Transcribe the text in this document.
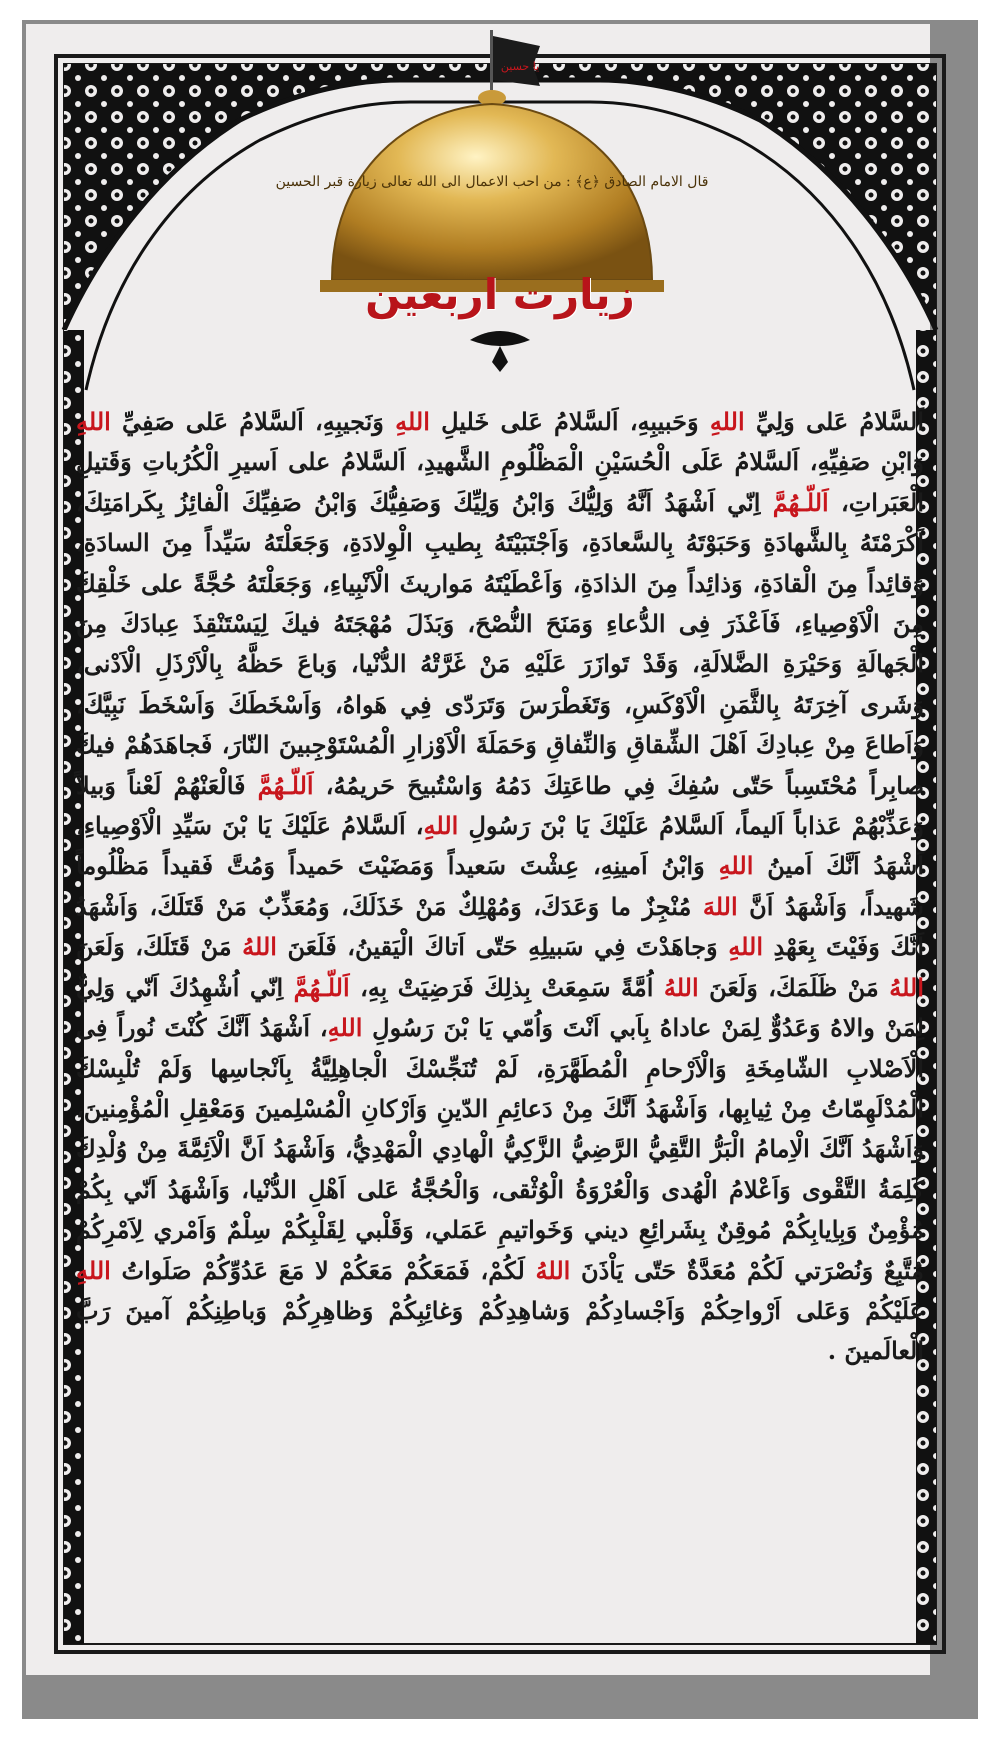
یا حسین
قال الامام الصادق ﴿ع﴾ : من احب الاعمال الی الله تعالی زیارة قبر الحسین
زیارت اربعین
اَلسَّلامُ عَلى وَلِيِّ اللهِ وَحَبيبِهِ، اَلسَّلامُ عَلى خَليلِ اللهِ وَنَجيبِهِ، اَلسَّلامُ عَلى صَفِيِّ اللهِ وَابْنِ صَفِيِّهِ، اَلسَّلامُ عَلَى الْحُسَيْنِ الْمَظْلُومِ الشَّهيدِ، اَلسَّلامُ على اَسيرِ الْكُرُباتِ وَقَتيلِ الْعَبَراتِ، اَللّـهُمَّ اِنّي اَشْهَدُ اَنَّهُ وَلِيُّكَ وَابْنُ وَلِيِّكَ وَصَفِيُّكَ وَابْنُ صَفِيِّكَ الْفائِزُ بِكَرامَتِكَ، اَكْرَمْتَهُ بِالشَّهادَةِ وَحَبَوْتَهُ بِالسَّعادَةِ، وَاَجْتَبَيْتَهُ بِطيبِ الْوِلادَةِ، وَجَعَلْتَهُ سَيِّداً مِنَ السادَةِ، وَقائِداً مِنَ الْقادَةِ، وَذائِداً مِنَ الذادَةِ، وَاَعْطَيْتَهُ مَواريثَ الْاَنْبِياءِ، وَجَعَلْتَهُ حُجَّةً على خَلْقِكَ مِنَ الْاَوْصِياءِ، فَاَعْذَرَ فِى الدُّعاءِ وَمَنَحَ النُّصْحَ، وَبَذَلَ مُهْجَتَهُ فيكَ لِيَسْتَنْقِذَ عِبادَكَ مِنَ الْجَهالَةِ وَحَيْرَةِ الضَّلالَةِ، وَقَدْ تَوازَرَ عَلَيْهِ مَنْ غَرَّتْهُ الدُّنْيا، وَباعَ حَظَّهُ بِالْاَرْذَلِ الْاَدْنى، وَشَرى آخِرَتَهُ بِالثَّمَنِ الْاَوْكَسِ، وَتَغَطْرَسَ وَتَرَدّى فِي هَواهُ، وَاَسْخَطَكَ وَاَسْخَطَ نَبِيَّكَ، وَاَطاعَ مِنْ عِبادِكَ اَهْلَ الشِّقاقِ وَالنِّفاقِ وَحَمَلَةَ الْاَوْزارِ الْمُسْتَوْجِبينَ النّارَ، فَجاهَدَهُمْ فيكَ صابِراً مُحْتَسِباً حَتّى سُفِكَ فِي طاعَتِكَ دَمُهُ وَاسْتُبيحَ حَريمُهُ، اَللّـهُمَّ فَالْعَنْهُمْ لَعْناً وَبيلاً وَعَذِّبْهُمْ عَذاباً اَليماً، اَلسَّلامُ عَلَيْكَ يَا بْنَ رَسُولِ اللهِ، اَلسَّلامُ عَلَيْكَ يَا بْنَ سَيِّدِ الْاَوْصِياءِ، اَشْهَدُ اَنَّكَ اَمينُ اللهِ وَابْنُ اَمينِهِ، عِشْتَ سَعيداً وَمَضَيْتَ حَميداً وَمُتَّ فَقيداً مَظْلُوماً شَهيداً، وَاَشْهَدُ اَنَّ اللهَ مُنْجِزٌ ما وَعَدَكَ، وَمُهْلِكٌ مَنْ خَذَلَكَ، وَمُعَذِّبٌ مَنْ قَتَلَكَ، وَاَشْهَدُ اَنَّكَ وَفَيْتَ بِعَهْدِ اللهِ وَجاهَدْتَ فِي سَبيلِهِ حَتّى اَتاكَ الْيَقينُ، فَلَعَنَ اللهُ مَنْ قَتَلَكَ، وَلَعَنَ اللهُ مَنْ ظَلَمَكَ، وَلَعَنَ اللهُ اُمَّةً سَمِعَتْ بِذلِكَ فَرَضِيَتْ بِهِ، اَللّـهُمَّ اِنّي اُشْهِدُكَ اَنّي وَلِيٌّ لِمَنْ والاهُ وَعَدُوٌّ لِمَنْ عاداهُ بِاَبي اَنْتَ وَاُمّي يَا بْنَ رَسُولِ اللهِ، اَشْهَدُ اَنَّكَ كُنْتَ نُوراً فِى الْاَصْلابِ الشّامِخَةِ وَالْاَرْحامِ الْمُطَهَّرَةِ، لَمْ تُنَجِّسْكَ الْجاهِلِيَّةُ بِاَنْجاسِها وَلَمْ تُلْبِسْكَ الْمُدْلَهِمّاتُ مِنْ ثِيابِها، وَاَشْهَدُ اَنَّكَ مِنْ دَعائِمِ الدّينِ وَاَرْكانِ الْمُسْلِمينَ وَمَعْقِلِ الْمُؤْمِنينَ، وَاَشْهَدُ اَنَّكَ الْاِمامُ الْبَرُّ التَّقِيُّ الرَّضِيُّ الزَّكِيُّ الْهادِي الْمَهْدِيُّ، وَاَشْهَدُ اَنَّ الْاَئِمَّةَ مِنْ وُلْدِكَ كَلِمَةُ التَّقْوى وَاَعْلامُ الْهُدى وَالْعُرْوَةُ الْوُثْقى، وَالْحُجَّةُ عَلى اَهْلِ الدُّنْيا، وَاَشْهَدُ اَنّي بِكُمْ مُؤْمِنٌ وَبِاِيابِكُمْ مُوقِنٌ بِشَرائِعِ ديني وَخَواتيمِ عَمَلي، وَقَلْبي لِقَلْبِكُمْ سِلْمٌ وَاَمْري لِاَمْرِكُمْ مُتَّبِعٌ وَنُصْرَتي لَكُمْ مُعَدَّةٌ حَتّى يَاْذَنَ اللهُ لَكُمْ، فَمَعَكُمْ مَعَكُمْ لا مَعَ عَدُوِّكُمْ صَلَواتُ اللهِ عَلَيْكُمْ وَعَلى اَرْواحِكُمْ وَاَجْسادِكُمْ وَشاهِدِكُمْ وَغائِبِكُمْ وَظاهِرِكُمْ وَباطِنِكُمْ آمينَ رَبَّ الْعالَمينَ .
